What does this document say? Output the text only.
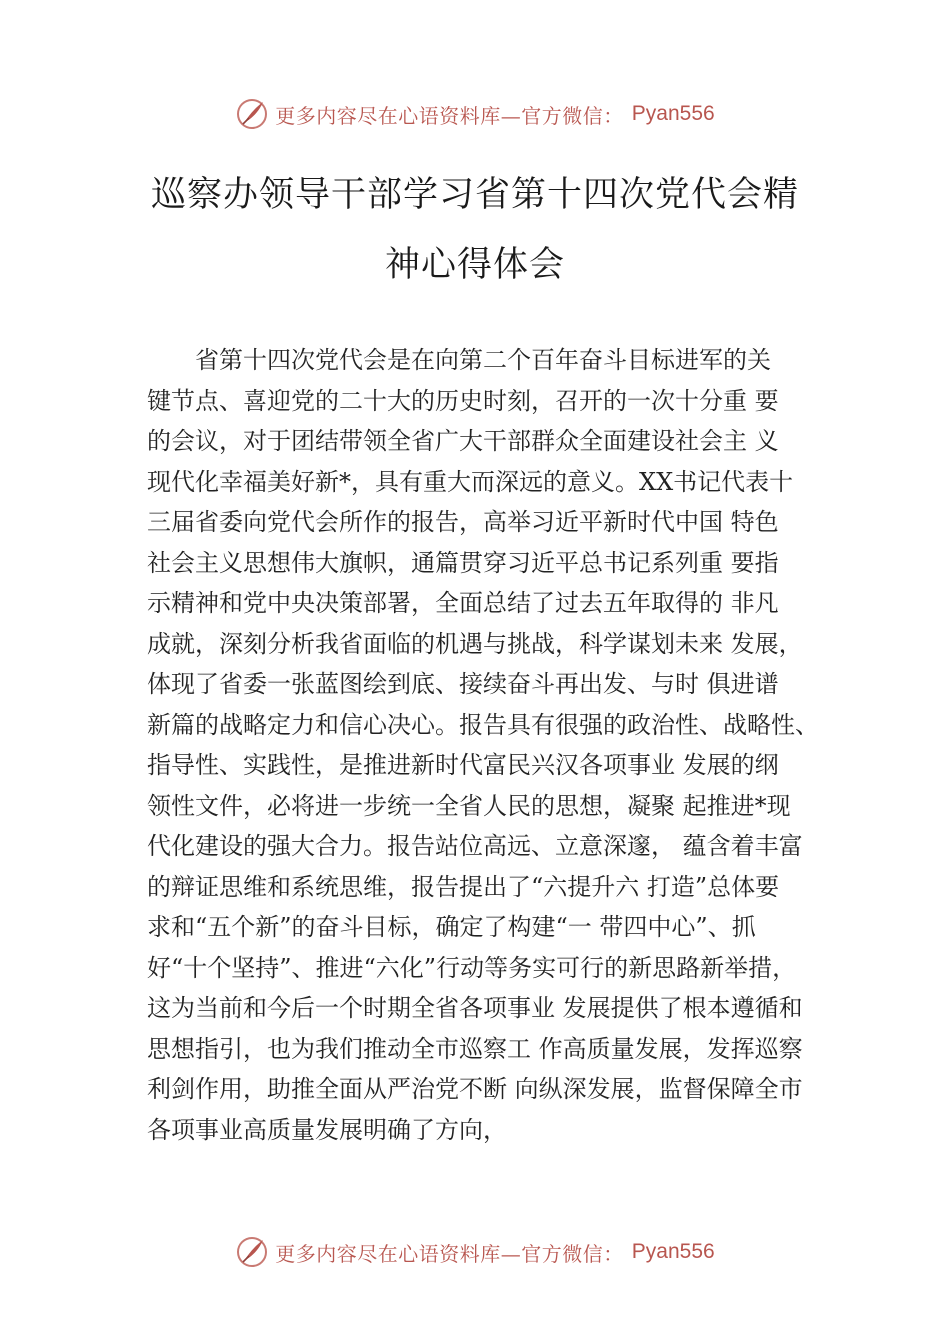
更多内容尽在心语资料库—官方微信： Pyan556
巡察办领导干部学习省第十四次党代会精
神心得体会
省第十四次党代会是在向第二个百年奋斗目标进军的关
键节点、喜迎党的二十大的历史时刻，召开的一次十分重 要
的会议，对于团结带领全省广大干部群众全面建设社会主 义
现代化幸福美好新*，具有重大而深远的意义。XX书记代表十
三届省委向党代会所作的报告，高举习近平新时代中国 特色
社会主义思想伟大旗帜，通篇贯穿习近平总书记系列重 要指
示精神和党中央决策部署，全面总结了过去五年取得的 非凡
成就，深刻分析我省面临的机遇与挑战，科学谋划未来 发展，
体现了省委一张蓝图绘到底、接续奋斗再出发、与时 俱进谱
新篇的战略定力和信心决心。报告具有很强的政治性、战略性、
指导性、实践性，是推进新时代富民兴汉各项事业 发展的纲
领性文件，必将进一步统一全省人民的思想，凝聚 起推进*现
代化建设的强大合力。报告站位高远、立意深邃， 蕴含着丰富
的辩证思维和系统思维，报告提出了“六提升六 打造”总体要
求和“五个新”的奋斗目标，确定了构建“一 带四中心”、抓
好“十个坚持”、推进“六化”行动等务实可行的新思路新举措，
这为当前和今后一个时期全省各项事业 发展提供了根本遵循和
思想指引，也为我们推动全市巡察工 作高质量发展，发挥巡察
利剑作用，助推全面从严治党不断 向纵深发展，监督保障全市
各项事业高质量发展明确了方向，
更多内容尽在心语资料库—官方微信： Pyan556
